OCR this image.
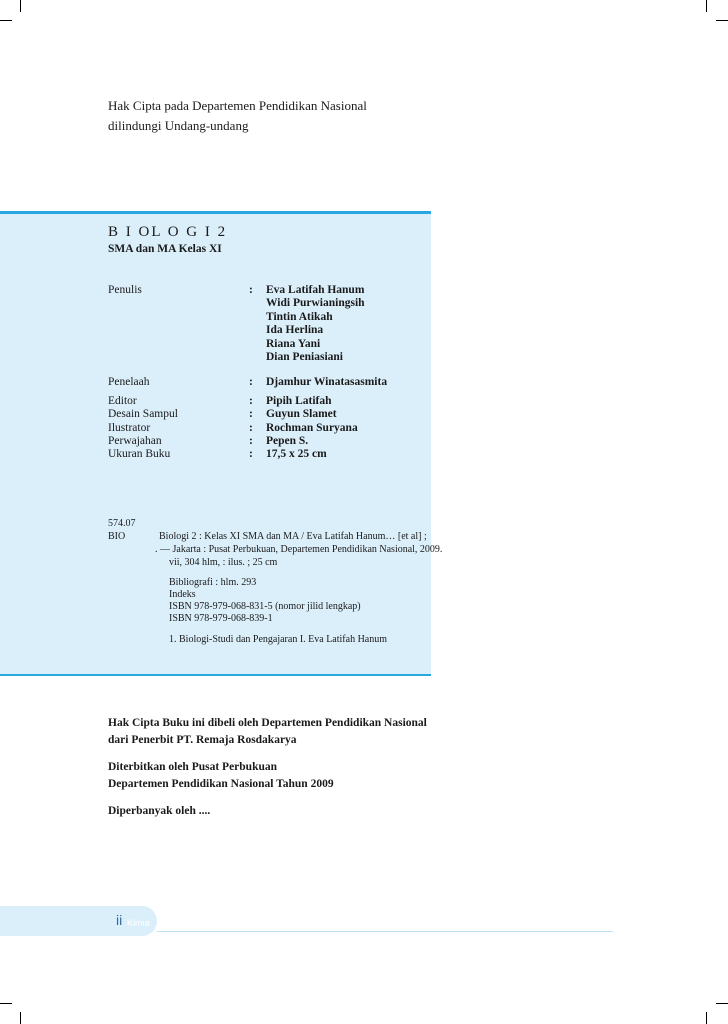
Hak Cipta pada Departemen Pendidikan Nasional
dilindungi Undang-undang
B I OL O G I 2
SMA dan MA Kelas XI
Penulis	: Eva Latifah Hanum
Widi Purwianingsih
Tintin Atikah
Ida Herlina
Riana Yani
Dian Peniasiani
Penelaah	: Djamhur Winatasasmita
Editor	: Pipih Latifah
Desain Sampul	: Guyun Slamet
Ilustrator	: Rochman Suryana
Perwajahan	: Pepen S.
Ukuran Buku	: 17,5 x 25 cm
574.07
BIO	Biologi 2 : Kelas XI SMA dan MA / Eva Latifah Hanum… [et al] ;
. — Jakarta : Pusat Perbukuan, Departemen Pendidikan Nasional, 2009.
vii, 304 hlm, : ilus. ; 25 cm
Bibliografi : hlm. 293
Indeks
ISBN 978-979-068-831-5 (nomor jilid lengkap)
ISBN 978-979-068-839-1
1. Biologi-Studi dan Pengajaran I. Eva Latifah Hanum
Hak Cipta Buku ini dibeli oleh Departemen Pendidikan Nasional
dari Penerbit PT. Remaja Rosdakarya
Diterbitkan oleh Pusat Perbukuan
Departemen Pendidikan Nasional Tahun 2009
Diperbanyak oleh ....
ii Kimia
